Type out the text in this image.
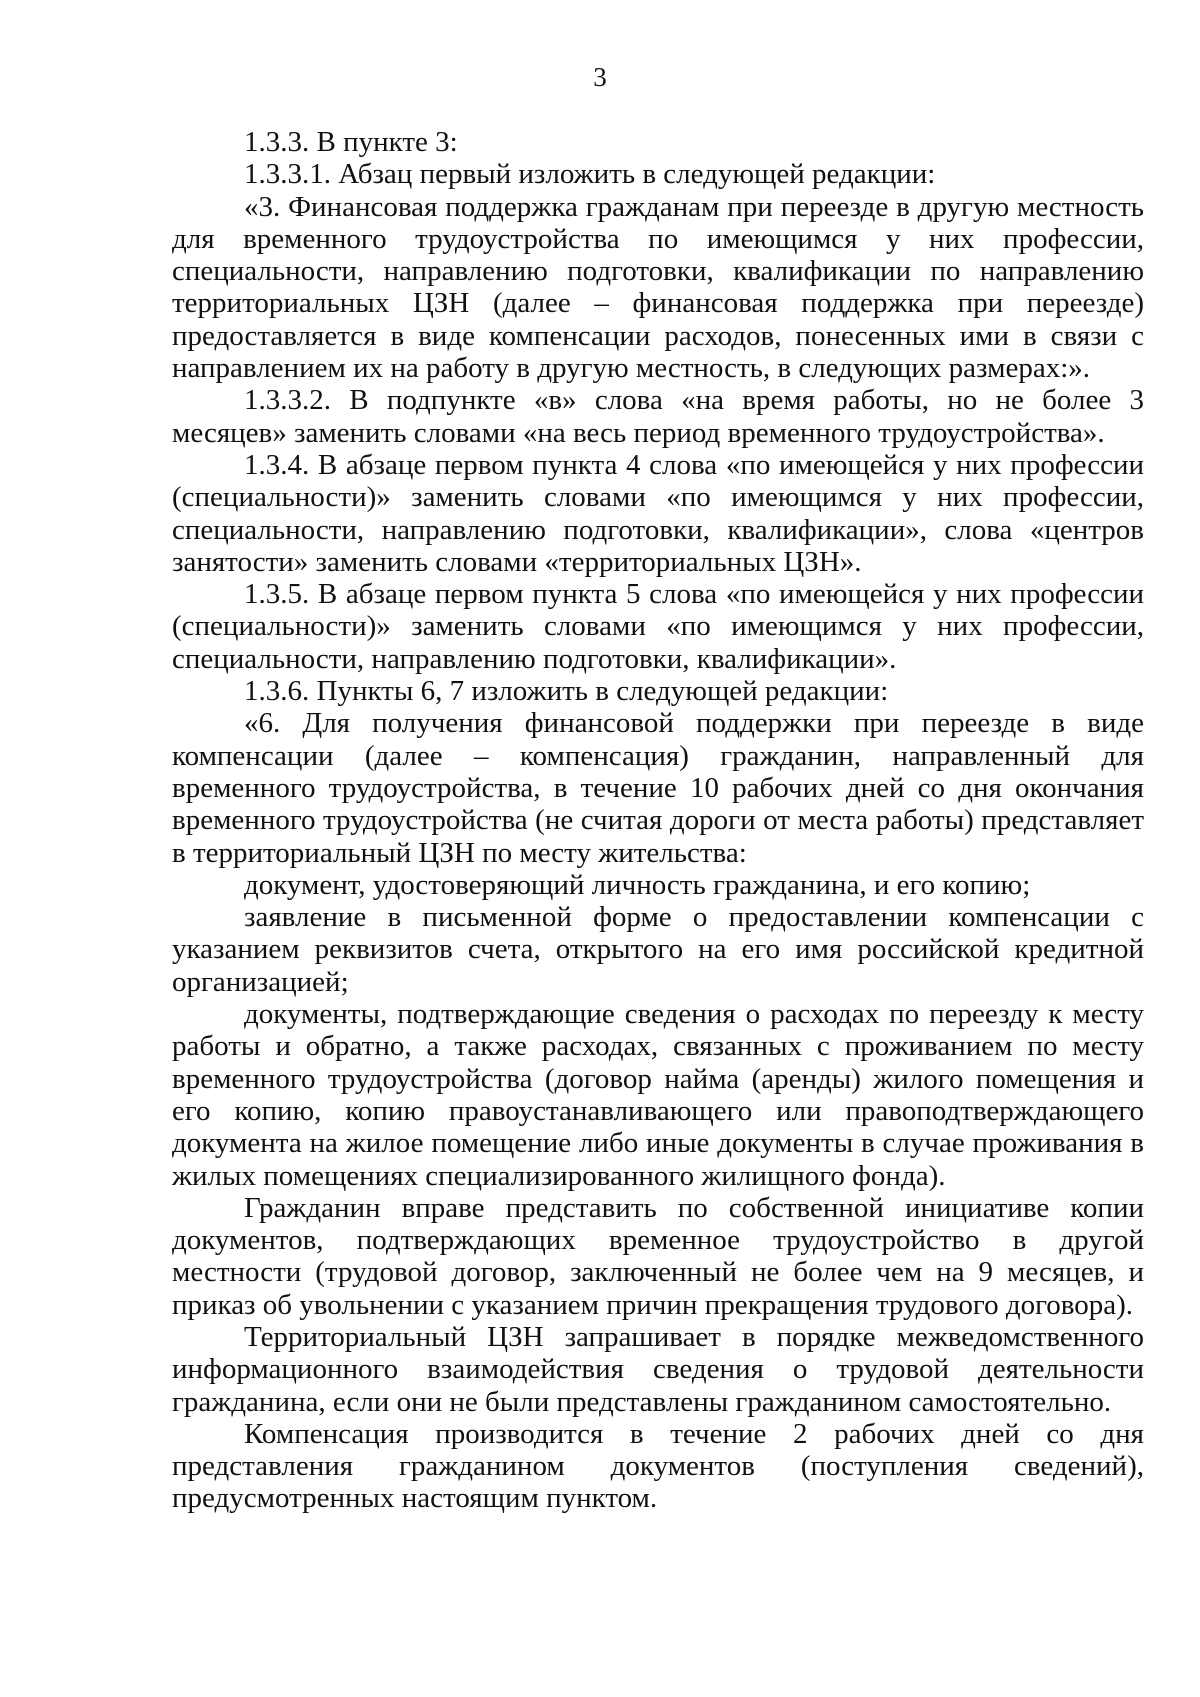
3

1.3.3. В пункте 3:

1.3.3.1. Абзац первый изложить в следующей редакции:

«3. Финансовая поддержка гражданам при переезде в другую местность для временного трудоустройства по имеющимся у них профессии, специальности, направлению подготовки, квалификации по направлению территориальных ЦЗН (далее – финансовая поддержка при переезде) предоставляется в виде компенсации расходов, понесенных ими в связи с направлением их на работу в другую местность, в следующих размерах:».

1.3.3.2. В подпункте «в» слова «на время работы, но не более 3 месяцев» заменить словами «на весь период временного трудоустройства».

1.3.4. В абзаце первом пункта 4 слова «по имеющейся у них профессии (специальности)» заменить словами «по имеющимся у них профессии, специальности, направлению подготовки, квалификации», слова «центров занятости» заменить словами «территориальных ЦЗН».

1.3.5. В абзаце первом пункта 5 слова «по имеющейся у них профессии (специальности)» заменить словами «по имеющимся у них профессии, специальности, направлению подготовки, квалификации».

1.3.6. Пункты 6, 7 изложить в следующей редакции:

«6. Для получения финансовой поддержки при переезде в виде компенсации (далее – компенсация) гражданин, направленный для временного трудоустройства, в течение 10 рабочих дней со дня окончания временного трудоустройства (не считая дороги от места работы) представляет в территориальный ЦЗН по месту жительства:

документ, удостоверяющий личность гражданина, и его копию;

заявление в письменной форме о предоставлении компенсации с указанием реквизитов счета, открытого на его имя российской кредитной организацией;

документы, подтверждающие сведения о расходах по переезду к месту работы и обратно, а также расходах, связанных с проживанием по месту временного трудоустройства (договор найма (аренды) жилого помещения и его копию, копию правоустанавливающего или правоподтверждающего документа на жилое помещение либо иные документы в случае проживания в жилых помещениях специализированного жилищного фонда).

Гражданин вправе представить по собственной инициативе копии документов, подтверждающих временное трудоустройство в другой местности (трудовой договор, заключенный не более чем на 9 месяцев, и приказ об увольнении с указанием причин прекращения трудового договора).

Территориальный ЦЗН запрашивает в порядке межведомственного информационного взаимодействия сведения о трудовой деятельности гражданина, если они не были представлены гражданином самостоятельно.

Компенсация производится в течение 2 рабочих дней со дня представления гражданином документов (поступления сведений), предусмотренных настоящим пунктом.
